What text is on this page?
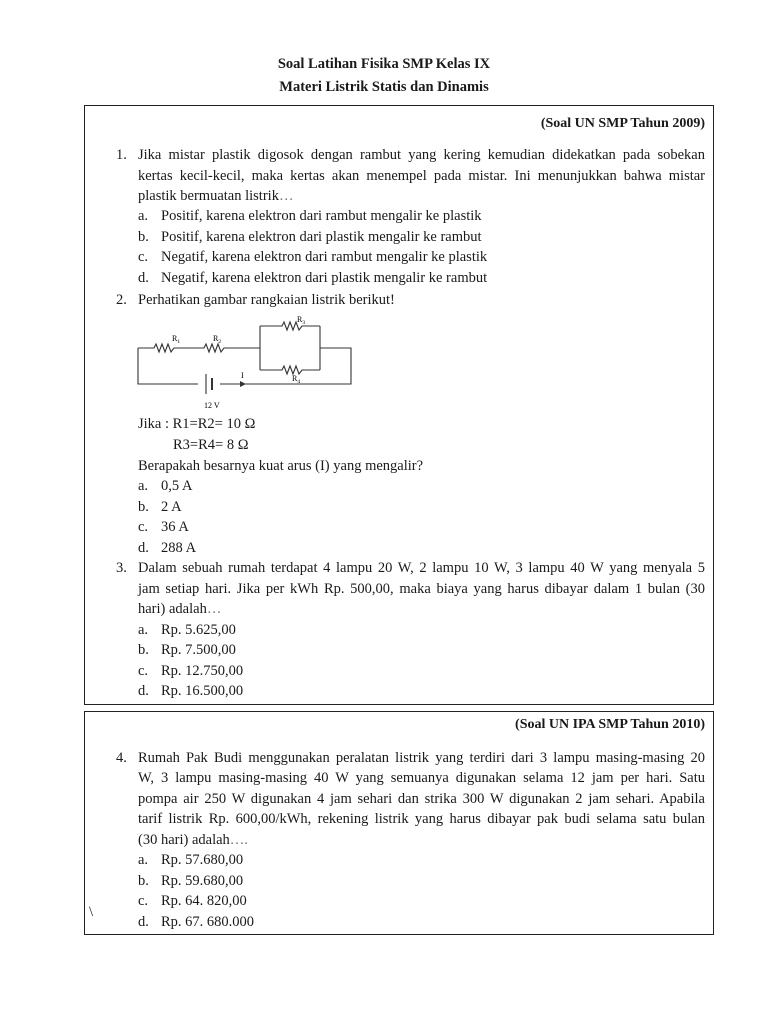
Soal Latihan Fisika SMP Kelas IX
Materi Listrik Statis dan Dinamis
(Soal UN SMP Tahun 2009)
1. Jika mistar plastik digosok dengan rambut yang kering kemudian didekatkan pada sobekan
kertas kecil-kecil, maka kertas akan menempel pada mistar. Ini menunjukkan bahwa mistar
plastik bermuatan listrik…
a. Positif, karena elektron dari rambut mengalir ke plastik
b. Positif, karena elektron dari plastik mengalir ke rambut
c. Negatif, karena elektron dari rambut mengalir ke plastik
d. Negatif, karena elektron dari plastik mengalir ke rambut
2. Perhatikan gambar rangkaian listrik berikut!
$R_1$	$R_2$
$R_3$
$R_4$
I
12 V
Jika : R1=R2= 10 Ω
R3=R4= 8 Ω
Berapakah besarnya kuat arus (I) yang mengalir?
a. 0,5 A
b. 2 A
c. 36 A
d. 288 A
3. Dalam sebuah rumah terdapat 4 lampu 20 W, 2 lampu 10 W, 3 lampu 40 W yang menyala 5
jam setiap hari. Jika per kWh Rp. 500,00, maka biaya yang harus dibayar dalam 1 bulan (30
hari) adalah…
a. Rp. 5.625,00
b. Rp. 7.500,00
c. Rp. 12.750,00
d. Rp. 16.500,00
(Soal UN IPA SMP Tahun 2010)
4. Rumah Pak Budi menggunakan peralatan listrik yang terdiri dari 3 lampu masing-masing 20
W, 3 lampu masing-masing 40 W yang semuanya digunakan selama 12 jam per hari. Satu
pompa air 250 W digunakan 4 jam sehari dan strika 300 W digunakan 2 jam sehari. Apabila
tarif listrik Rp. 600,00/kWh, rekening listrik yang harus dibayar pak budi selama satu bulan
(30 hari) adalah….
a. Rp. 57.680,00
b. Rp. 59.680,00
c. Rp. 64. 820,00
d. Rp. 67. 680.000
\
